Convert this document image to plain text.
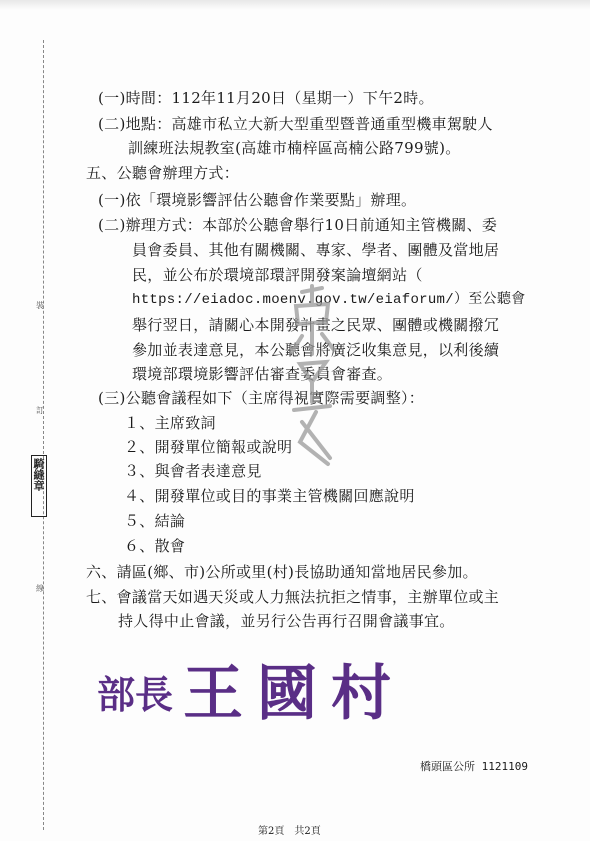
裝
訂
線
騎縫章
(一)時間：112年11月20日（星期一）下午2時。
(二)地點：高雄市私立大新大型重型暨普通重型機車駕駛人
訓練班法規教室(高雄市楠梓區高楠公路799號)。
五、公聽會辦理方式：
(一)依「環境影響評估公聽會作業要點」辦理。
(二)辦理方式：本部於公聽會舉行10日前通知主管機關、委
員會委員、其他有關機關、專家、學者、團體及當地居
民，並公布於環境部環評開發案論壇網站（
https://eiadoc.moenv.gov.tw/eiaforum/）至公聽會
舉行翌日，請關心本開發計畫之民眾、團體或機關撥冗
參加並表達意見，本公聽會將廣泛收集意見，以利後續
環境部環境影響評估審查委員會審查。
(三)公聽會議程如下（主席得視實際需要調整）：
１、主席致詞
２、開發單位簡報或說明
３、與會者表達意見
４、開發單位或目的事業主管機關回應說明
５、結論
６、散會
六、請區(鄉、市)公所或里(村)長協助通知當地居民參加。
七、會議當天如遇天災或人力無法抗拒之情事，主辦單位或主
持人得中止會議，並另行公告再行召開會議事宜。
部長 王國村
橋頭區公所 1121109
第2頁　共2頁
